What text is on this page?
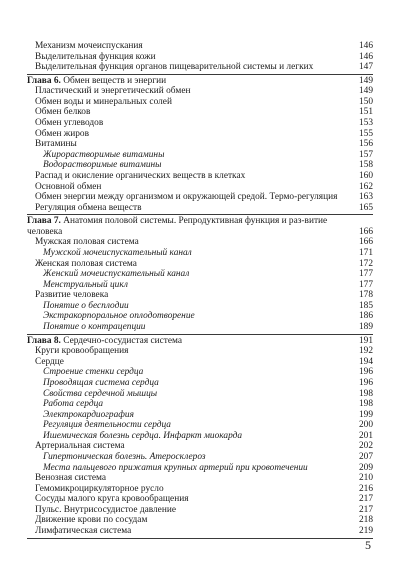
Механизм мочеиспускания	146
Выделительная функция кожи	146
Выделительная функция органов пищеварительной системы и легких	147
Глава 6. Обмен веществ и энергии	149
Пластический и энергетический обмен	149
Обмен воды и минеральных солей	150
Обмен белков	151
Обмен углеводов	153
Обмен жиров	155
Витамины	156
Жирорастворимые витамины	157
Водорастворимые витамины	158
Распад и окисление органических веществ в клетках	160
Основной обмен	162
Обмен энергии между организмом и окружающей средой. Термо-регуляция	163
Регуляция обмена веществ	165
Глава 7. Анатомия половой системы. Репродуктивная функция и раз-витие человека	166
Мужская половая система	166
Мужской мочеиспускательный канал	171
Женская половая система	172
Женский мочеиспускательный канал	177
Менструальный цикл	177
Развитие человека	178
Понятие о бесплодии	185
Экстракорпоральное оплодотворение	186
Понятие о контрацепции	189
Глава 8. Сердечно-сосудистая система	191
Круги кровообращения	192
Сердце	194
Строение стенки сердца	196
Проводящая система сердца	196
Свойства сердечной мышцы	198
Работа сердца	198
Электрокардиография	199
Регуляция деятельности сердца	200
Ишемическая болезнь сердца. Инфаркт миокарда	201
Артериальная система	202
Гипертоническая болезнь. Атеросклероз	207
Места пальцевого прижатия крупных артерий при кровотечении	209
Венозная система	210
Гемомикроциркуляторное русло	216
Сосуды малого круга кровообращения	217
Пульс. Внутрисосудистое давление	217
Движение крови по сосудам	218
Лимфатическая система	219
5
